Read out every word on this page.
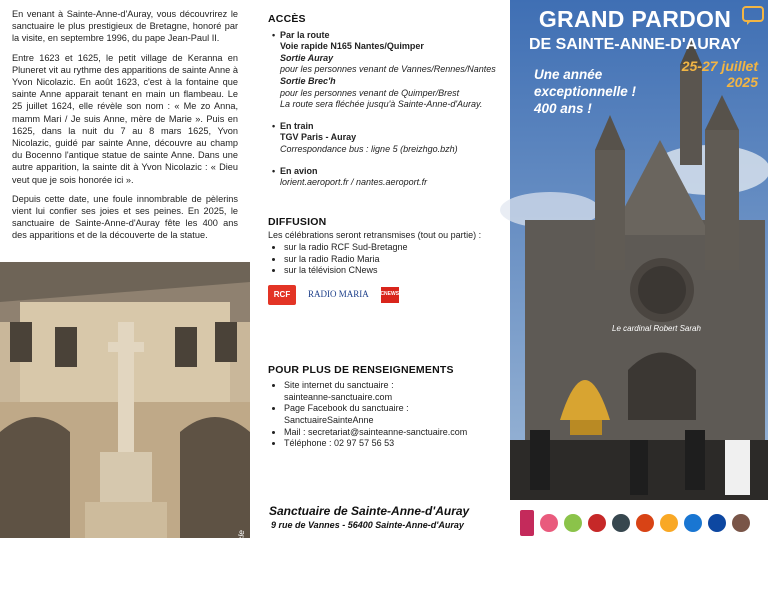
En venant à Sainte-Anne-d'Auray, vous découvrirez le sanctuaire le plus prestigieux de Bretagne, honoré par la visite, en septembre 1996, du pape Jean-Paul II.

Entre 1623 et 1625, le petit village de Keranna en Pluneret vit au rythme des apparitions de sainte Anne à Yvon Nicolazic. En août 1623, c'est à la fontaine que sainte Anne apparait tenant en main un flambeau. Le 25 juillet 1624, elle révèle son nom : « Me zo Anna, mamm Mari / Je suis Anne, mère de Marie ». Puis en 1625, dans la nuit du 7 au 8 mars 1625, Yvon Nicolazic, guidé par sainte Anne, découvre au champ du Bocenno l'antique statue de sainte Anne. Dans une autre apparition, la sainte dit à Yvon Nicolazic : « Dieu veut que je sois honorée ici ».

Depuis cette date, une foule innombrable de pèlerins vient lui confier ses joies et ses peines. En 2025, le sanctuaire de Sainte-Anne-d'Auray fête les 400 ans des apparitions et de la découverte de la statue.

Cloître du 17e siècle
ACCÈS
• Par la route
Voie rapide N165 Nantes/Quimper
Sortie Auray
pour les personnes venant de Vannes/Rennes/Nantes
Sortie Brec'h
pour les personnes venant de Quimper/Brest
La route sera fléchée jusqu'à Sainte-Anne-d'Auray.
• En train
TGV Paris - Auray
Correspondance bus : ligne 5 (breizhgo.bzh)
• En avion
lorient.aeroport.fr / nantes.aeroport.fr
DIFFUSION
Les célébrations seront retransmises (tout ou partie) :
• sur la radio RCF Sud-Bretagne
• sur la radio Radio Maria
• sur la télévision CNews
RCF	RADIO MARIA CNEWS
POUR PLUS DE RENSEIGNEMENTS
• Site internet du sanctuaire :
sainteanne-sanctuaire.com
• Page Facebook du sanctuaire :
SanctuaireSainteAnne
• Mail : secretariat@sainteanne-sanctuaire.com
• Téléphone : 02 97 57 56 53
GRAND PARDON
DE SAINTE-ANNE-D'AURAY
Une année exceptionnelle ! 400 ans !
25-27 juillet 2025
Le cardinal Robert Sarah
Sanctuaire de Sainte-Anne-d'Auray
9 rue de Vannes - 56400 Sainte-Anne-d'Auray
